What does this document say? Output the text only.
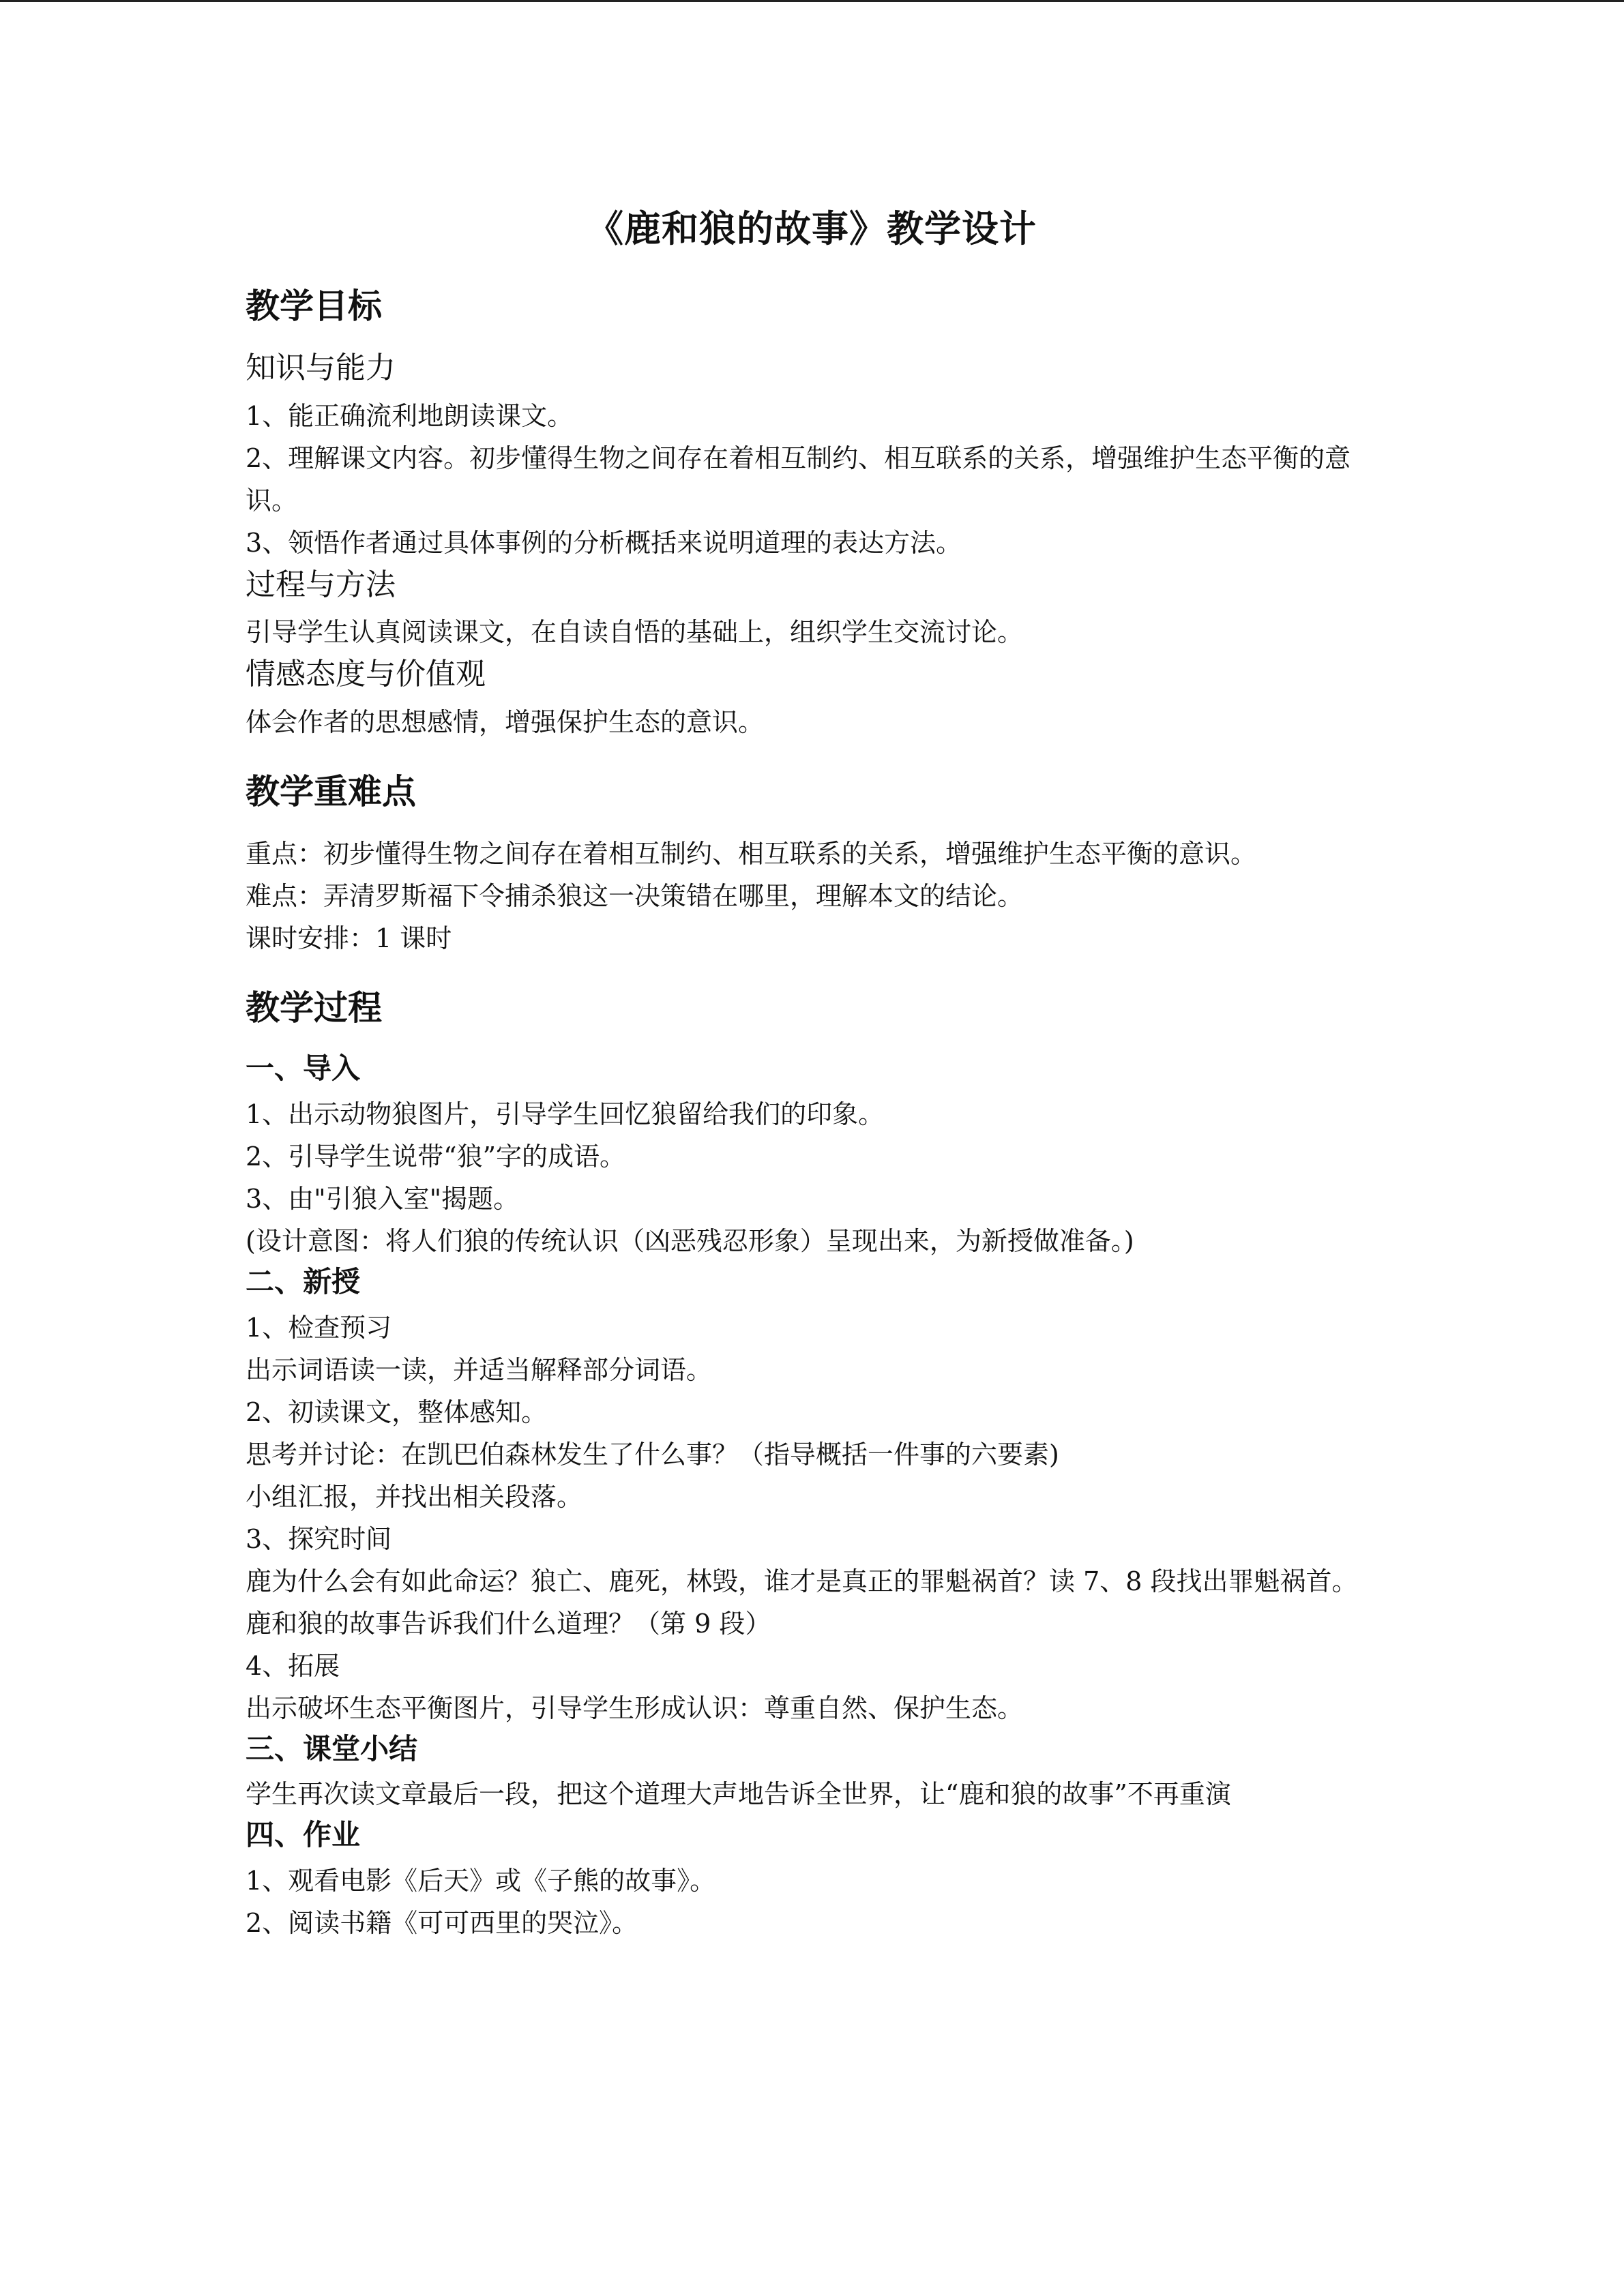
《鹿和狼的故事》教学设计
教学目标
知识与能力

1、能正确流利地朗读课文。

2、理解课文内容。初步懂得生物之间存在着相互制约、相互联系的关系，增强维护生态平衡的意识。

3、领悟作者通过具体事例的分析概括来说明道理的表达方法。

过程与方法

引导学生认真阅读课文，在自读自悟的基础上，组织学生交流讨论。

情感态度与价值观

体会作者的思想感情，增强保护生态的意识。

教学重难点

重点：初步懂得生物之间存在着相互制约、相互联系的关系，增强维护生态平衡的意识。

难点：弄清罗斯福下令捕杀狼这一决策错在哪里，理解本文的结论。

课时安排：1 课时

教学过程
一、导入

1、出示动物狼图片，引导学生回忆狼留给我们的印象。

2、引导学生说带“狼”字的成语。

3、由"引狼入室"揭题。

(设计意图：将人们狼的传统认识（凶恶残忍形象）呈现出来，为新授做准备。)

二、新授

1、检查预习

出示词语读一读，并适当解释部分词语。

2、初读课文，整体感知。

思考并讨论：在凯巴伯森林发生了什么事？（指导概括一件事的六要素)

小组汇报，并找出相关段落。

3、探究时间

鹿为什么会有如此命运？狼亡、鹿死，林毁，谁才是真正的罪魁祸首？读 7、8 段找出罪魁祸首。

鹿和狼的故事告诉我们什么道理？（第 9 段）

4、拓展

出示破坏生态平衡图片，引导学生形成认识：尊重自然、保护生态。

三、课堂小结

学生再次读文章最后一段，把这个道理大声地告诉全世界，让“鹿和狼的故事”不再重演

四、作业

1、观看电影《后天》或《子熊的故事》。

2、阅读书籍《可可西里的哭泣》。
